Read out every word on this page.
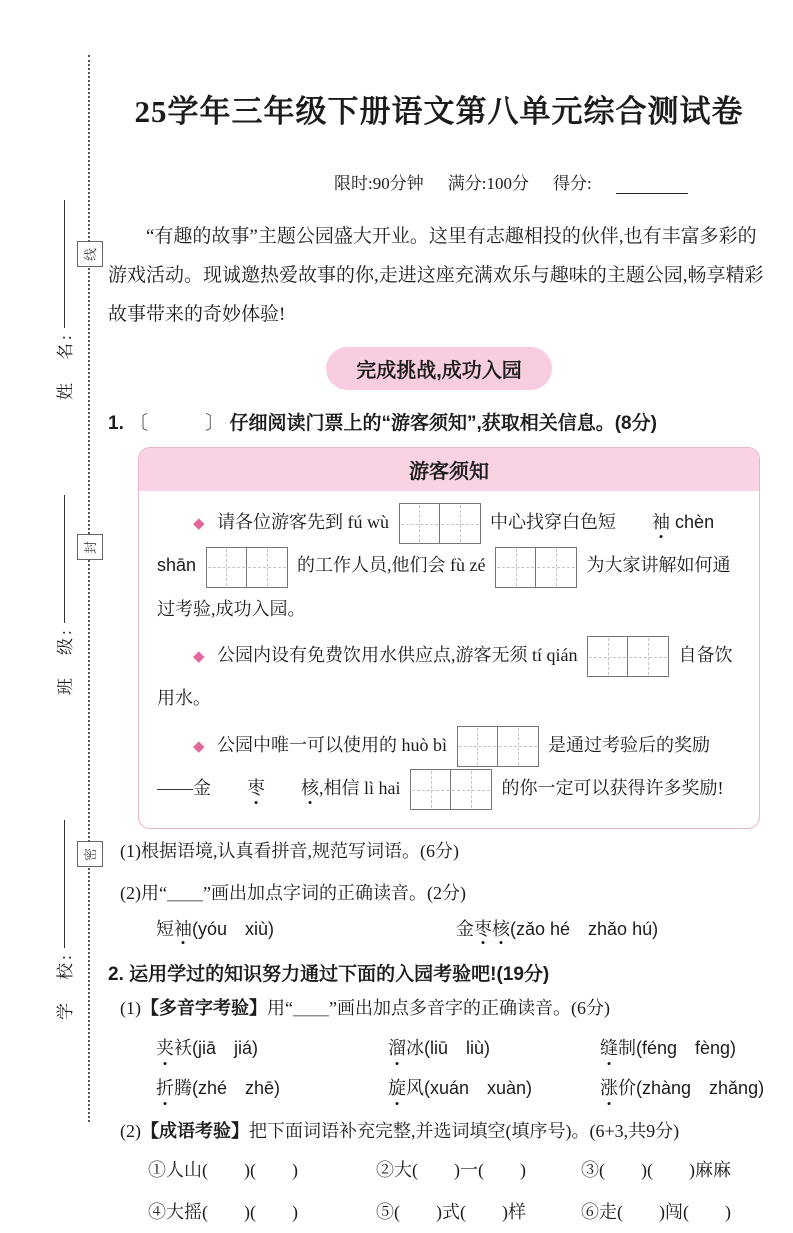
姓　名:
班　级:
学　校:
线
封
密
25学年三年级下册语文第八单元综合测试卷
限时:90分钟 满分:100分 得分:
“有趣的故事”主题公园盛大开业。这里有志趣相投的伙伴,也有丰富多彩的游戏活动。现诚邀热爱故事的你,走进这座充满欢乐与趣味的主题公园,畅享精彩故事带来的奇妙体验!
完成挑战,成功入园
1. 〔　　　〕 仔细阅读门票上的“游客须知”,获取相关信息。(8分)
游客须知

◆ 请各位游客先到 fú wù	中心找穿白色短 袖 chèn shān	的工作人员,他们会 fù zé	为大家讲解如何通过考验,成功入园。

◆ 公园内设有免费饮用水供应点,游客无须 tí qián	自备饮用水。

◆ 公园中唯一可以使用的 huò bì	是通过考验后的奖励——金 枣 核,相信 lì hai	的你一定可以获得许多奖励!

(1)根据语境,认真看拼音,规范写词语。(6分)
(2)用“＿＿”画出加点字词的正确读音。(2分)
短袖(yóu　xiù)	金枣核(zǎo hé　zhǎo hú)
2. 运用学过的知识努力通过下面的入园考验吧!(19分)
(1)【多音字考验】用“＿＿”画出加点多音字的正确读音。(6分)
夹袄(jiā　jiá)	溜冰(liū　liù)	缝制(féng　fèng)
折腾(zhé　zhē)	旋风(xuán　xuàn)	涨价(zhàng　zhǎng)
(2)【成语考验】把下面词语补充完整,并选词填空(填序号)。(6+3,共9分)
①人山(　　)(　　)	②大(　　)一(　　)	③(　　)(　　)麻麻
④大摇(　　)(　　)	⑤(　　)式(　　)样	⑥走(　　)闯(　　)
